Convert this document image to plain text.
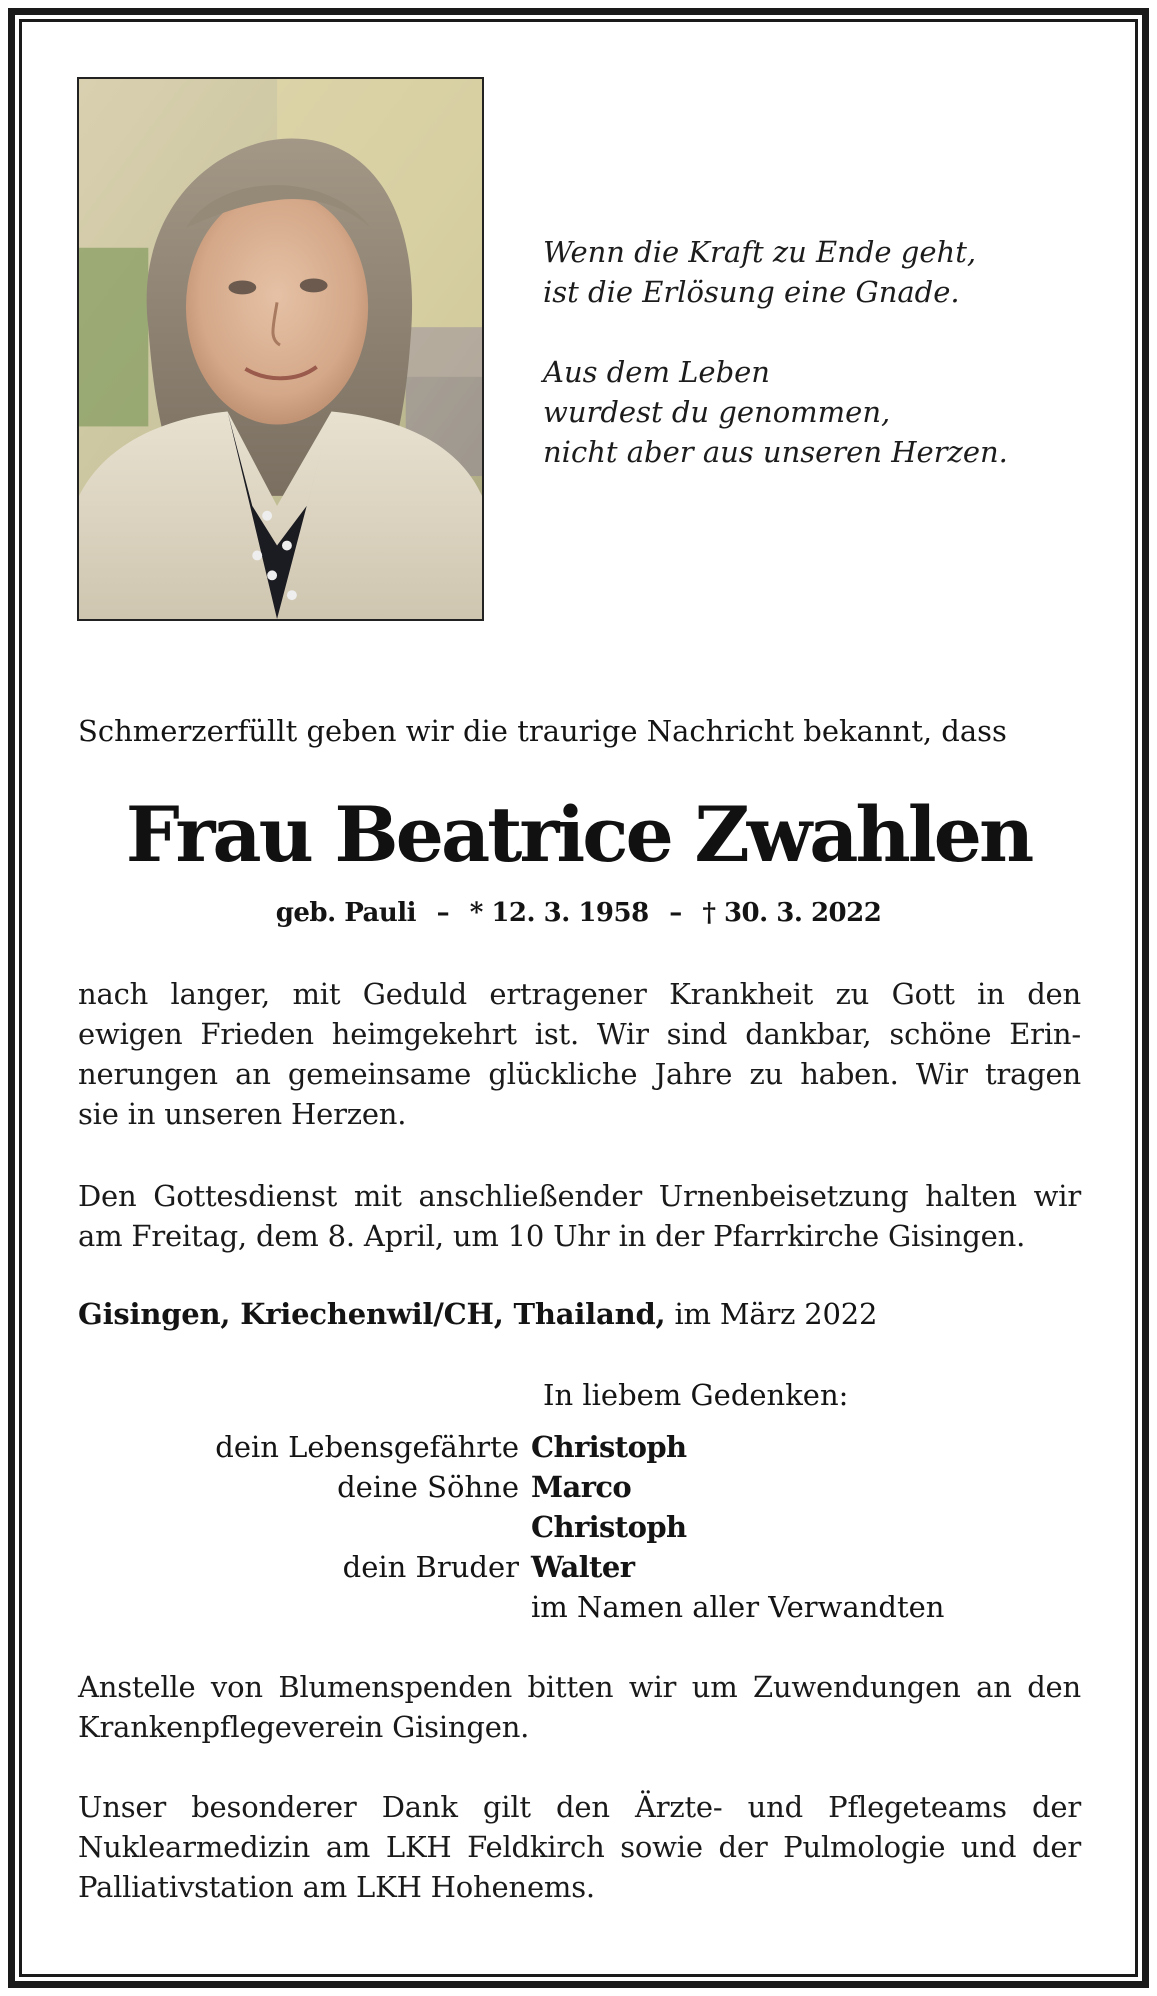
Wenn die Kraft zu Ende geht,
ist die Erlösung eine Gnade.
Aus dem Leben
wurdest du genommen,
nicht aber aus unseren Herzen.
Schmerzerfüllt geben wir die traurige Nachricht bekannt, dass
Frau Beatrice Zwahlen
geb. Pauli – * 12. 3. 1958 – † 30. 3. 2022
nach langer, mit Geduld ertragener Krankheit zu Gott in den
ewigen Frieden heimgekehrt ist. Wir sind dankbar, schöne Erin-
nerungen an gemeinsame glückliche Jahre zu haben. Wir tragen
sie in unseren Herzen.
Den Gottesdienst mit anschließender Urnenbeisetzung halten wir
am Freitag, dem 8. April, um 10 Uhr in der Pfarrkirche Gisingen.
Gisingen, Kriechenwil/CH, Thailand, im März 2022
In liebem Gedenken:
dein Lebensgefährte Christoph
deine Söhne Marco
Christoph
dein Bruder Walter
im Namen aller Verwandten
Anstelle von Blumenspenden bitten wir um Zuwendungen an den
Krankenpflegeverein Gisingen.
Unser besonderer Dank gilt den Ärzte- und Pflegeteams der
Nuklearmedizin am LKH Feldkirch sowie der Pulmologie und der
Palliativstation am LKH Hohenems.
